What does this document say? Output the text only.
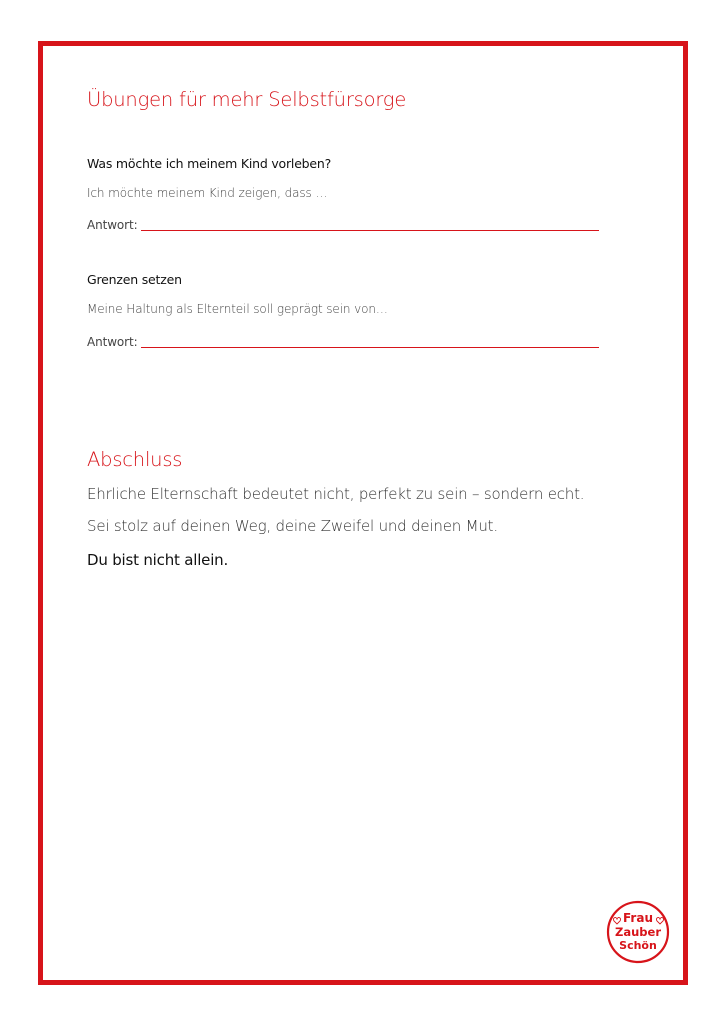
Übungen für mehr Selbstfürsorge

Was möchte ich meinem Kind vorleben?

Ich möchte meinem Kind zeigen, dass …

Antwort:

Grenzen setzen

Meine Haltung als Elternteil soll geprägt sein von…

Antwort:
Abschluss

Ehrliche Elternschaft bedeutet nicht, perfekt zu sein – sondern echt.

Sei stolz auf deinen Weg, deine Zweifel und deinen Mut.

Du bist nicht allein.

Frau
Zauber
Schön
